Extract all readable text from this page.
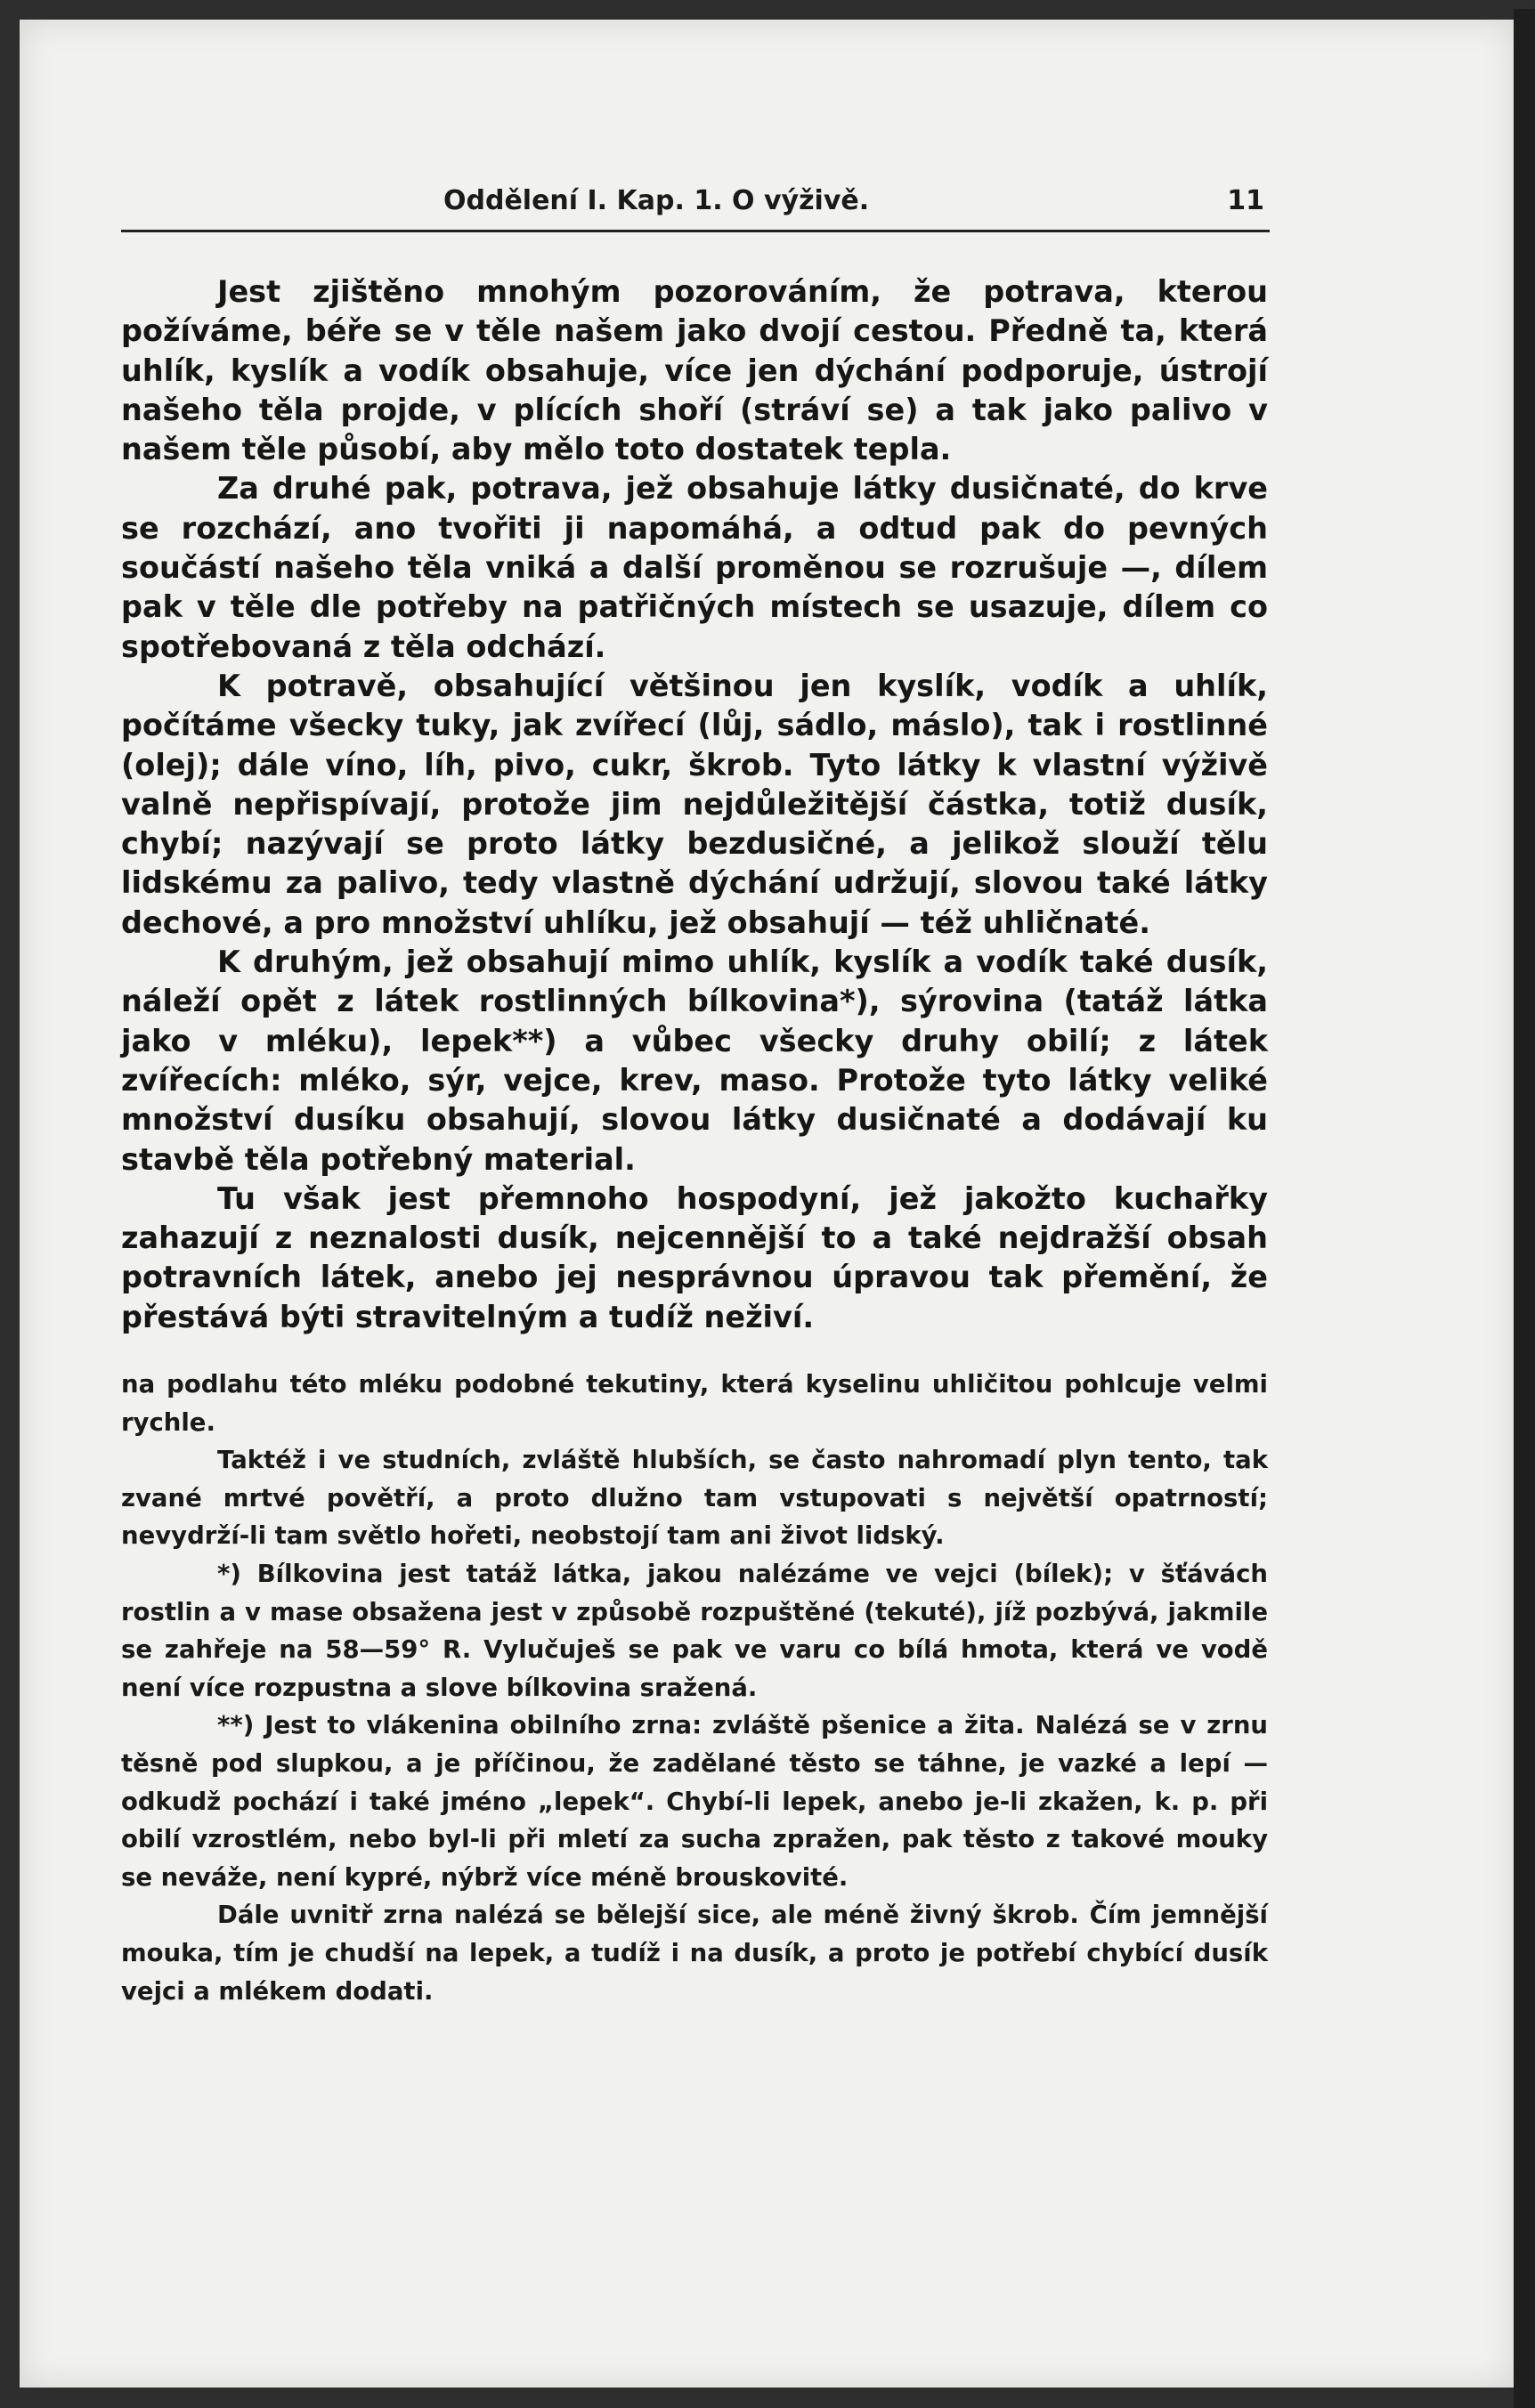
Oddělení I. Kap. 1. O výživě.	11

Jest zjištěno mnohým pozorováním, že potrava, kterou požíváme, béře se v těle našem jako dvojí cestou. Předně ta, která uhlík, kyslík a vodík obsahuje, více jen dýchání podporuje, ústrojí našeho těla projde, v plících shoří (stráví se) a tak jako palivo v našem těle působí, aby mělo toto dostatek tepla.

Za druhé pak, potrava, jež obsahuje látky dusičnaté, do krve se rozchází, ano tvořiti ji napomáhá, a odtud pak do pevných součástí našeho těla vniká a další proměnou se rozrušuje —, dílem pak v těle dle potřeby na patřičných místech se usazuje, dílem co spotřebovaná z těla odchází.

K potravě, obsahující většinou jen kyslík, vodík a uhlík, počítáme všecky tuky, jak zvířecí (lůj, sádlo, máslo), tak i rostlinné (olej); dále víno, líh, pivo, cukr, škrob. Tyto látky k vlastní výživě valně nepřispívají, protože jim nejdůležitější částka, totiž dusík, chybí; nazývají se proto látky bezdusičné, a jelikož slouží tělu lidskému za palivo, tedy vlastně dýchání udržují, slovou také látky dechové, a pro množství uhlíku, jež obsahují — též uhličnaté.

K druhým, jež obsahují mimo uhlík, kyslík a vodík také dusík, náleží opět z látek rostlinných bílkovina*), sýrovina (tatáž látka jako v mléku), lepek**) a vůbec všecky druhy obilí; z látek zvířecích: mléko, sýr, vejce, krev, maso. Protože tyto látky veliké množství dusíku obsahují, slovou látky dusičnaté a dodávají ku stavbě těla potřebný material.

Tu však jest přemnoho hospodyní, jež jakožto kuchařky zahazují z neznalosti dusík, nejcennější to a také nejdražší obsah potravních látek, anebo jej nesprávnou úpravou tak přemění, že přestává býti stravitelným a tudíž neživí.

na podlahu této mléku podobné tekutiny, která kyselinu uhličitou pohlcuje velmi rychle.

Taktéž i ve studních, zvláště hlubších, se často nahromadí plyn tento, tak zvané mrtvé povětří, a proto dlužno tam vstupovati s největší opatrností; nevydrží-li tam světlo hořeti, neobstojí tam ani život lidský.

*) Bílkovina jest tatáž látka, jakou nalézáme ve vejci (bílek); v šťávách rostlin a v mase obsažena jest v způsobě rozpuštěné (tekuté), jíž pozbývá, jakmile se zahřeje na 58—59° R. Vylučuješ se pak ve varu co bílá hmota, která ve vodě není více rozpustna a slove bílkovina sražená.

**) Jest to vlákenina obilního zrna: zvláště pšenice a žita. Nalézá se v zrnu těsně pod slupkou, a je příčinou, že zadělané těsto se táhne, je vazké a lepí — odkudž pochází i také jméno „lepek“. Chybí-li lepek, anebo je-li zkažen, k. p. při obilí vzrostlém, nebo byl-li při mletí za sucha zpražen, pak těsto z takové mouky se neváže, není kypré, nýbrž více méně brouskovité.

Dále uvnitř zrna nalézá se bělejší sice, ale méně živný škrob. Čím jemnější mouka, tím je chudší na lepek, a tudíž i na dusík, a proto je potřebí chybící dusík vejci a mlékem dodati.
